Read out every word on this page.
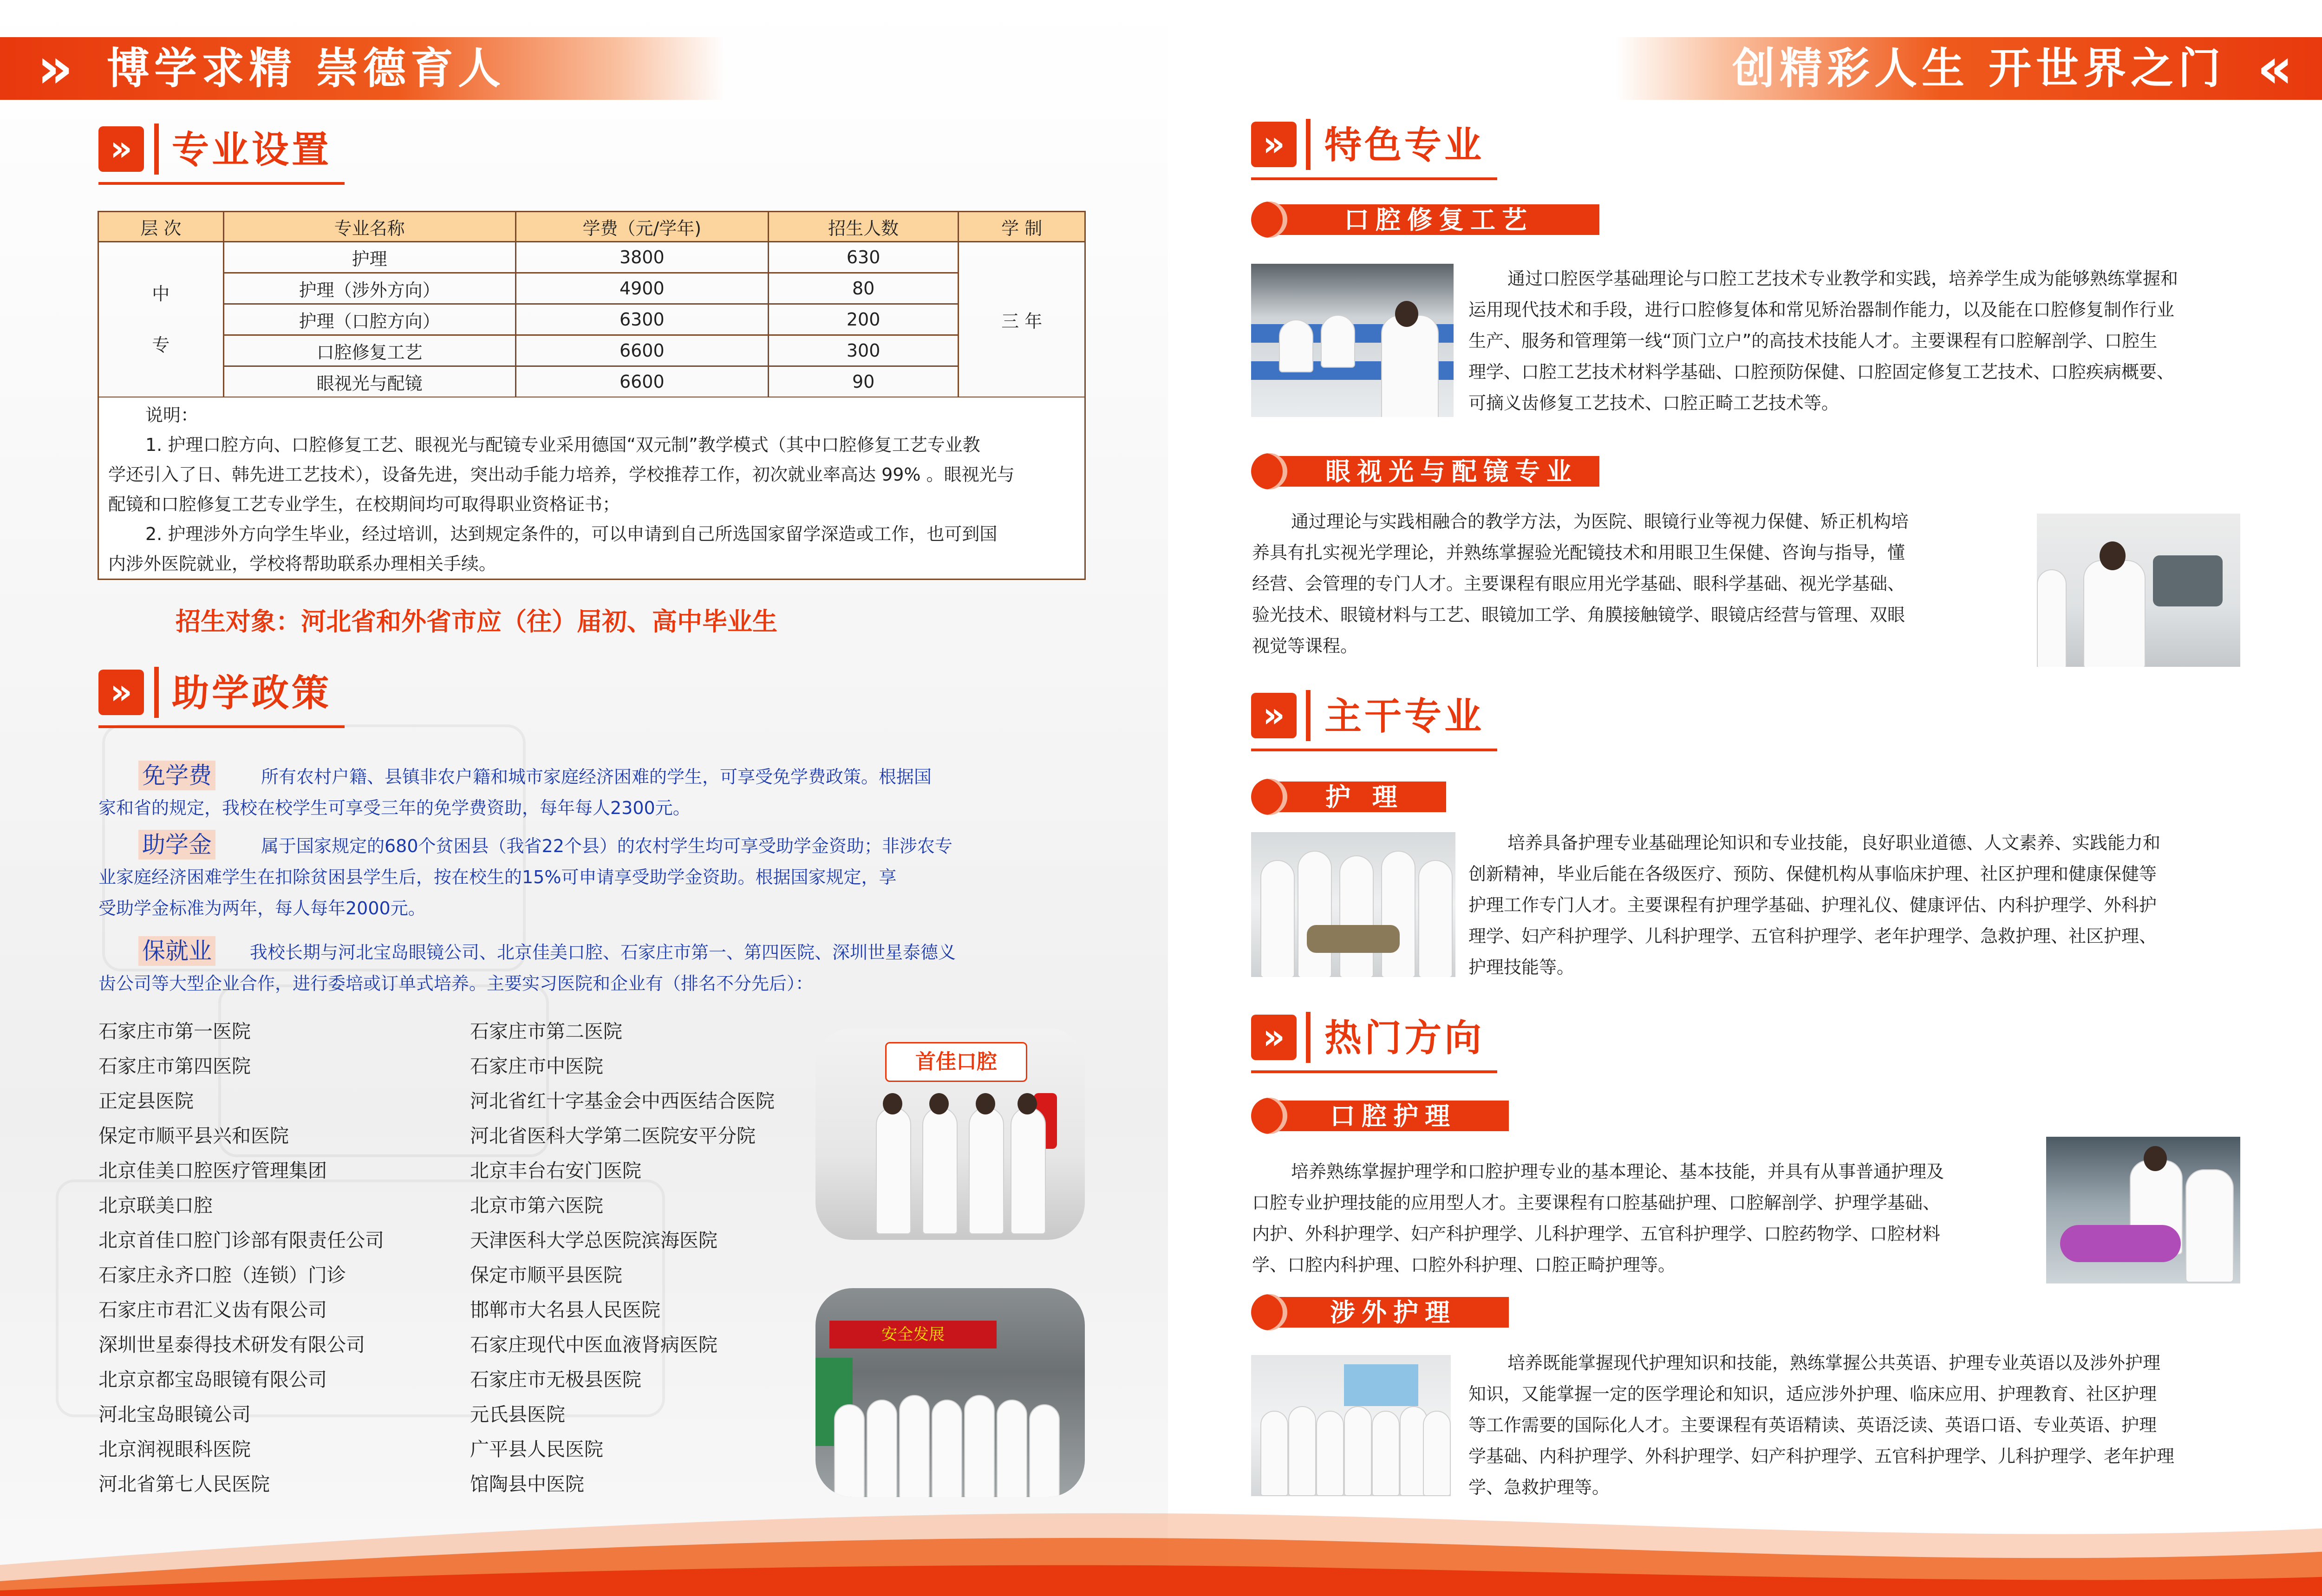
» 博学求精 崇德育人	创精彩人生 开世界之门 «
»	专业设置
层 次	专业名称	学费（元/学年)	招生人数	学 制

中
专	护理	3800	630	三 年
	护理（涉外方向）	4900	80	
	护理（口腔方向）	6300	200	
	口腔修复工艺	6600	300	
	眼视光与配镜	6600	90	
说明：
1. 护理口腔方向、口腔修复工艺、眼视光与配镜专业采用德国“双元制”教学模式（其中口腔修复工艺专业教
学还引入了日、韩先进工艺技术），设备先进，突出动手能力培养，学校推荐工作，初次就业率高达 99% 。眼视光与
配镜和口腔修复工艺专业学生，在校期间均可取得职业资格证书；
2. 护理涉外方向学生毕业，经过培训，达到规定条件的，可以申请到自己所选国家留学深造或工作，也可到国
内涉外医院就业，学校将帮助联系办理相关手续。
招生对象：河北省和外省市应（往）届初、高中毕业生
»	助学政策
免学费	所有农村户籍、县镇非农户籍和城市家庭经济困难的学生，可享受免学费政策。根据国
家和省的规定，我校在校学生可享受三年的免学费资助，每年每人2300元。
助学金	属于国家规定的680个贫困县（我省22个县）的农村学生均可享受助学金资助；非涉农专
业家庭经济困难学生在扣除贫困县学生后，按在校生的15%可申请享受助学金资助。根据国家规定，享
受助学金标准为两年，每人每年2000元。
保就业 我校长期与河北宝岛眼镜公司、北京佳美口腔、石家庄市第一、第四医院、深圳世星泰德义
齿公司等大型企业合作，进行委培或订单式培养。主要实习医院和企业有（排名不分先后）：
石家庄市第一医院
石家庄市第四医院
正定县医院
保定市顺平县兴和医院
北京佳美口腔医疗管理集团
北京联美口腔
北京首佳口腔门诊部有限责任公司
石家庄永齐口腔（连锁）门诊
石家庄市君汇义齿有限公司
深圳世星泰得技术研发有限公司
北京京都宝岛眼镜有限公司
河北宝岛眼镜公司
北京润视眼科医院
河北省第七人民医院
石家庄市第二医院
石家庄市中医院
河北省红十字基金会中西医结合医院
河北省医科大学第二医院安平分院
北京丰台右安门医院
北京市第六医院
天津医科大学总医院滨海医院
保定市顺平县医院
邯郸市大名县人民医院
石家庄现代中医血液肾病医院
石家庄市无极县医院
元氏县医院
广平县人民医院
馆陶县中医院
首佳口腔
安全发展
»	特色专业
口腔修复工艺
通过口腔医学基础理论与口腔工艺技术专业教学和实践，培养学生成为能够熟练掌握和
运用现代技术和手段，进行口腔修复体和常见矫治器制作能力，以及能在口腔修复制作行业
生产、服务和管理第一线“顶门立户”的高技术技能人才。主要课程有口腔解剖学、口腔生
理学、口腔工艺技术材料学基础、口腔预防保健、口腔固定修复工艺技术、口腔疾病概要、
可摘义齿修复工艺技术、口腔正畸工艺技术等。
眼视光与配镜专业
通过理论与实践相融合的教学方法，为医院、眼镜行业等视力保健、矫正机构培
养具有扎实视光学理论，并熟练掌握验光配镜技术和用眼卫生保健、咨询与指导，懂
经营、会管理的专门人才。主要课程有眼应用光学基础、眼科学基础、视光学基础、
验光技术、眼镜材料与工艺、眼镜加工学、角膜接触镜学、眼镜店经营与管理、双眼
视觉等课程。
»	主干专业
护 理
培养具备护理专业基础理论知识和专业技能，良好职业道德、人文素养、实践能力和
创新精神，毕业后能在各级医疗、预防、保健机构从事临床护理、社区护理和健康保健等
护理工作专门人才。主要课程有护理学基础、护理礼仪、健康评估、内科护理学、外科护
理学、妇产科护理学、儿科护理学、五官科护理学、老年护理学、急救护理、社区护理、
护理技能等。
»	热门方向
口腔护理
培养熟练掌握护理学和口腔护理专业的基本理论、基本技能，并具有从事普通护理及
口腔专业护理技能的应用型人才。主要课程有口腔基础护理、口腔解剖学、护理学基础、
内护、外科护理学、妇产科护理学、儿科护理学、五官科护理学、口腔药物学、口腔材料
学、口腔内科护理、口腔外科护理、口腔正畸护理等。
涉外护理
培养既能掌握现代护理知识和技能，熟练掌握公共英语、护理专业英语以及涉外护理
知识，又能掌握一定的医学理论和知识，适应涉外护理、临床应用、护理教育、社区护理
等工作需要的国际化人才。主要课程有英语精读、英语泛读、英语口语、专业英语、护理
学基础、内科护理学、外科护理学、妇产科护理学、五官科护理学、儿科护理学、老年护理
学、急救护理等。
